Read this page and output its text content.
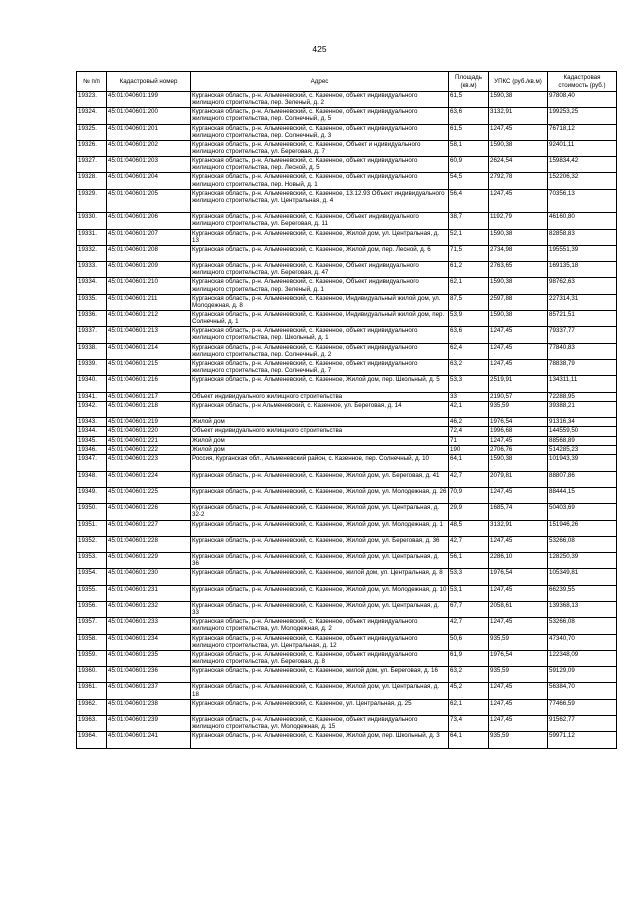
425
№ п/п	Кадастровый номер	Адрес	Площадь (кв.м)	УПКС (руб./кв.м)	Кадастровая стоимость (руб.)
19323.	45:01:040601:199	Курганская область, р-н. Альменевский, с. Казенное, объект индивидуального жилищного строительства, пер. Зеленый, д. 2	61,5	1590,38	97808,40
19324.	45:01:040601:200	Курганская область, р-н. Альменевский, с. Казенное, объект индивидуального жилищного строительства, пер. Солнечный, д. 5	63,6	3132,91	199253,25
19325.	45:01:040601:201	Курганская область, р-н. Альменевский, с. Казенное, объект индивидуального жилищного строительства, пер. Солнечный, д. 3	61,5	1247,45	76718,12
19326.	45:01:040601:202	Курганская область, р-н. Альменевский, с. Казенное, Объект и ндивидуального жилищного строительства, ул. Береговая, д. 7	58,1	1590,38	92401,11
19327.	45:01:040601:203	Курганская область, р-н. Альменевский, с. Казенное, объект индивидуального жилищного строительства, пер. Лесной, д. 5	60,9	2624,54	159834,42
19328.	45:01:040601:204	Курганская область, р-н. Альменевский, с. Казенное, объект индивидуального жилищного строительства, пер. Новый, д. 1	54,5	2792,78	152206,32
19329.	45:01:040601:205	Курганская область, р-н. Альменевский, с. Казенное, 13.12.93 Объект индивидуального жилищного строительства, ул. Центральная, д. 4	56,4	1247,45	70356,13
19330.	45:01:040601:206	Курганская область, р-н. Альменевский, с. Казенное, Объект индивидуального жилищного строительства, ул. Береговая, д. 11	38,7	1192,79	46160,80
19331.	45:01:040601:207	Курганская область, р-н. Альменевский, с. Казенное, Жилой дом, ул. Центральная, д. 13	52,1	1590,38	82858,83
19332.	45:01:040601:208	Курганская область, р-н. Альменевский, с. Казенное, Жилой дом, пер. Лесной, д. 6	71,5	2734,98	195551,39
19333.	45:01:040601:209	Курганская область, р-н. Альменевский, с. Казенное, Объект индивидуального жилищного строительства, ул. Береговая, д. 47	61,2	2763,65	169135,18
19334.	45:01:040601:210	Курганская область, р-н. Альменевский, с. Казенное, Объект индивидуального жилищного строительства, пер. Зеленый, д. 1	62,1	1590,38	98762,63
19335.	45:01:040601:211	Курганская область, р-н. Альменевский, с. Казенное, Индивидуальный жилой дом, ул. Молодежная, д. 8	87,5	2597,88	227314,31
19336.	45:01:040601:212	Курганская область, р-н. Альменевский, с. Казенное, Индивидуальный жилой дом, пер. Солнечный, д. 1	53,9	1590,38	85721,51
19337.	45:01:040601:213	Курганская область, р-н. Альменевский, с. Казенное, объект индивидуального жилищного строительства, пер. Школьный, д. 1	63,6	1247,45	79337,77
19338.	45:01:040601:214	Курганская область, р-н. Альменевский, с. Казенное, объект индивидуального жилищного строительства, пер. Солнечный, д. 2	62,4	1247,45	77840,83
19339.	45:01:040601:215	Курганская область, р-н. Альменевский, с. Казенное, объект индивидуального жилищного строительства, пер. Солнечный, д. 7	63,2	1247,45	78838,79
19340.	45:01:040601:216	Курганская область, р-н. Альменевский, с. Казенное, Жилой дом, пер. Школьный, д. 5	53,3	2519,91	134311,11
19341.	45:01:040601:217	Объект индивидуального жилищного строительства	33	2190,57	72288,95
19342.	45:01:040601:218	Курганская область, р-н Альменевский, с. Казенное, ул. Береговая, д. 14	42,1	935,59	39388,21
19343.	45:01:040601:219	Жилой дом	46,2	1976,54	91316,34
19344.	45:01:040601:220	Объект индивидуального жилищного строительства	72,4	1996,68	144559,50
19345.	45:01:040601:221	Жилой дом	71	1247,45	88568,89
19346.	45:01:040601:222	Жилой дом	190	2706,76	514285,23
19347.	45:01:040601:223	Россия, Курганская обл., Альменевский район, с. Казенное, пер. Солнечный, д. 10	64,1	1590,38	101943,39
19348.	45:01:040601:224	Курганская область, р-н. Альменевский, с. Казенное, Жилой дом, ул. Береговая, д. 41	42,7	2079,81	88807,86
19349.	45:01:040601:225	Курганская область, р-н. Альменевский, с. Казенное, Жилой дом, ул. Молодежная, д. 26	70,9	1247,45	88444,15
19350.	45:01:040601:226	Курганская область, р-н. Альменевский, с. Казенное, Жилой дом, ул. Центральная, д. 32-2	29,9	1685,74	50403,69
19351.	45:01:040601:227	Курганская область, р-н. Альменевский, с. Казенное, Жилой дом, ул. Молодежная, д. 1	48,5	3132,91	151946,26
19352.	45:01:040601:228	Курганская область, р-н. Альменевский, с. Казенное, Жилой дом, ул. Береговая, д. 36	42,7	1247,45	53266,08
19353.	45:01:040601:229	Курганская область, р-н. Альменевский, с. Казенное, Жилой дом, ул. Центральная, д. 36	56,1	2286,10	128250,39
19354.	45:01:040601:230	Курганская область, р-н. Альменевский, с. Казенное, жилой дом, ул. Центральная, д. 8	53,3	1976,54	105349,81
19355.	45:01:040601:231	Курганская область, р-н. Альменевский, с. Казенное, Жилой дом, ул. Молодежная, д. 10	53,1	1247,45	66239,55
19356.	45:01:040601:232	Курганская область, р-н. Альменевский, с. Казенное, Жилой дом, ул. Центральная, д. 33	67,7	2058,61	139368,13
19357.	45:01:040601:233	Курганская область, р-н. Альменевский, с. Казенное, объект индивидуального жилищного строительства, ул. Молодежная, д. 2	42,7	1247,45	53266,08
19358.	45:01:040601:234	Курганская область, р-н. Альменевский, с. Казенное, объект индивидуального жилищного строительства, ул. Центральная, д. 12	50,6	935,59	47340,70
19359.	45:01:040601:235	Курганская область, р-н. Альменевский, с. Казенное, объект индивидуального жилищного строительства, ул. Береговая, д. 8	61,9	1976,54	122348,09
19360.	45:01:040601:236	Курганская область, р-н. Альменевский, с. Казенное, жилой дом, ул. Береговая, д. 16	63,2	935,59	59129,09
19361.	45:01:040601:237	Курганская область, р-н. Альменевский, с. Казенное, Жилой дом, ул. Центральная, д. 18	45,2	1247,45	56384,70
19362.	45:01:040601:238	Курганская область, р-н. Альменевский, с. Казенное, ул. Центральная, д. 25	62,1	1247,45	77466,59
19363.	45:01:040601:239	Курганская область, р-н. Альменевский, с. Казенное, объект индивидуального жилищного строительства, ул. Молодежная, д. 15	73,4	1247,45	91562,77
19364.	45:01:040601:241	Курганская область, р-н. Альменевский, с. Казенное, Жилой дом, пер. Школьный, д. 3	64,1	935,59	59971,12
